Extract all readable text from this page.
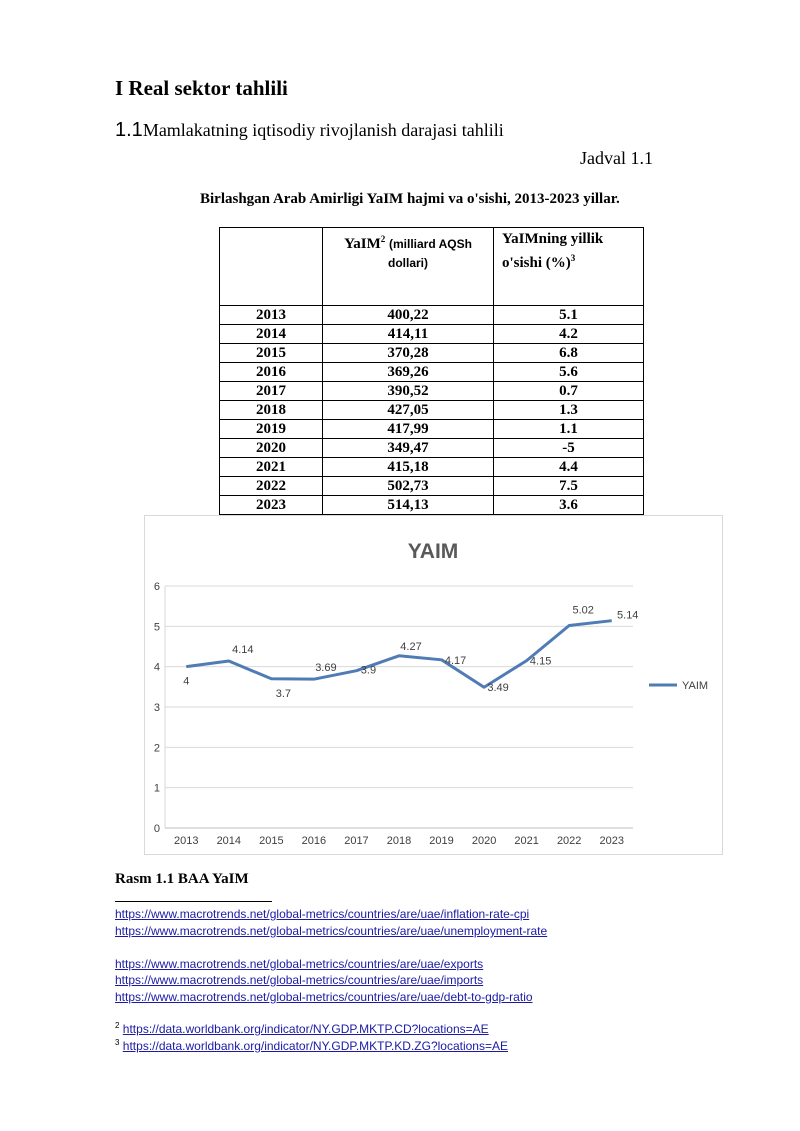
I Real sektor tahlili
1.1Mamlakatning iqtisodiy rivojlanish darajasi tahlili
Jadval 1.1
Birlashgan Arab Amirligi YaIM hajmi va o'sishi, 2013-2023 yillar.
	YaIM$^2$ (milliard AQSh dollari)	YaIMning yillik o'sishi (%)$^3$
2013	400,22	5.1
2014	414,11	4.2
2015	370,28	6.8
2016	369,26	5.6
2017	390,52	0.7
2018	427,05	1.3
2019	417,99	1.1
2020	349,47	-5
2021	415,18	4.4
2022	502,73	7.5
2023	514,13	3.6
YAIM
0
1
2
3
4
5
6
2013 2014 2015 2016 2017 2018 2019 2020 2021 2022 2023
4
4.14
3.7
3.69 3.9
4.27
4.17
3.49
4.15
5.02 5.14
YAIM
Rasm 1.1 BAA YaIM
https://www.macrotrends.net/global-metrics/countries/are/uae/inflation-rate-cpi
https://www.macrotrends.net/global-metrics/countries/are/uae/unemployment-rate
https://www.macrotrends.net/global-metrics/countries/are/uae/exports
https://www.macrotrends.net/global-metrics/countries/are/uae/imports
https://www.macrotrends.net/global-metrics/countries/are/uae/debt-to-gdp-ratio
$^2$ https://data.worldbank.org/indicator/NY.GDP.MKTP.CD?locations=AE
$^3$ https://data.worldbank.org/indicator/NY.GDP.MKTP.KD.ZG?locations=AE
